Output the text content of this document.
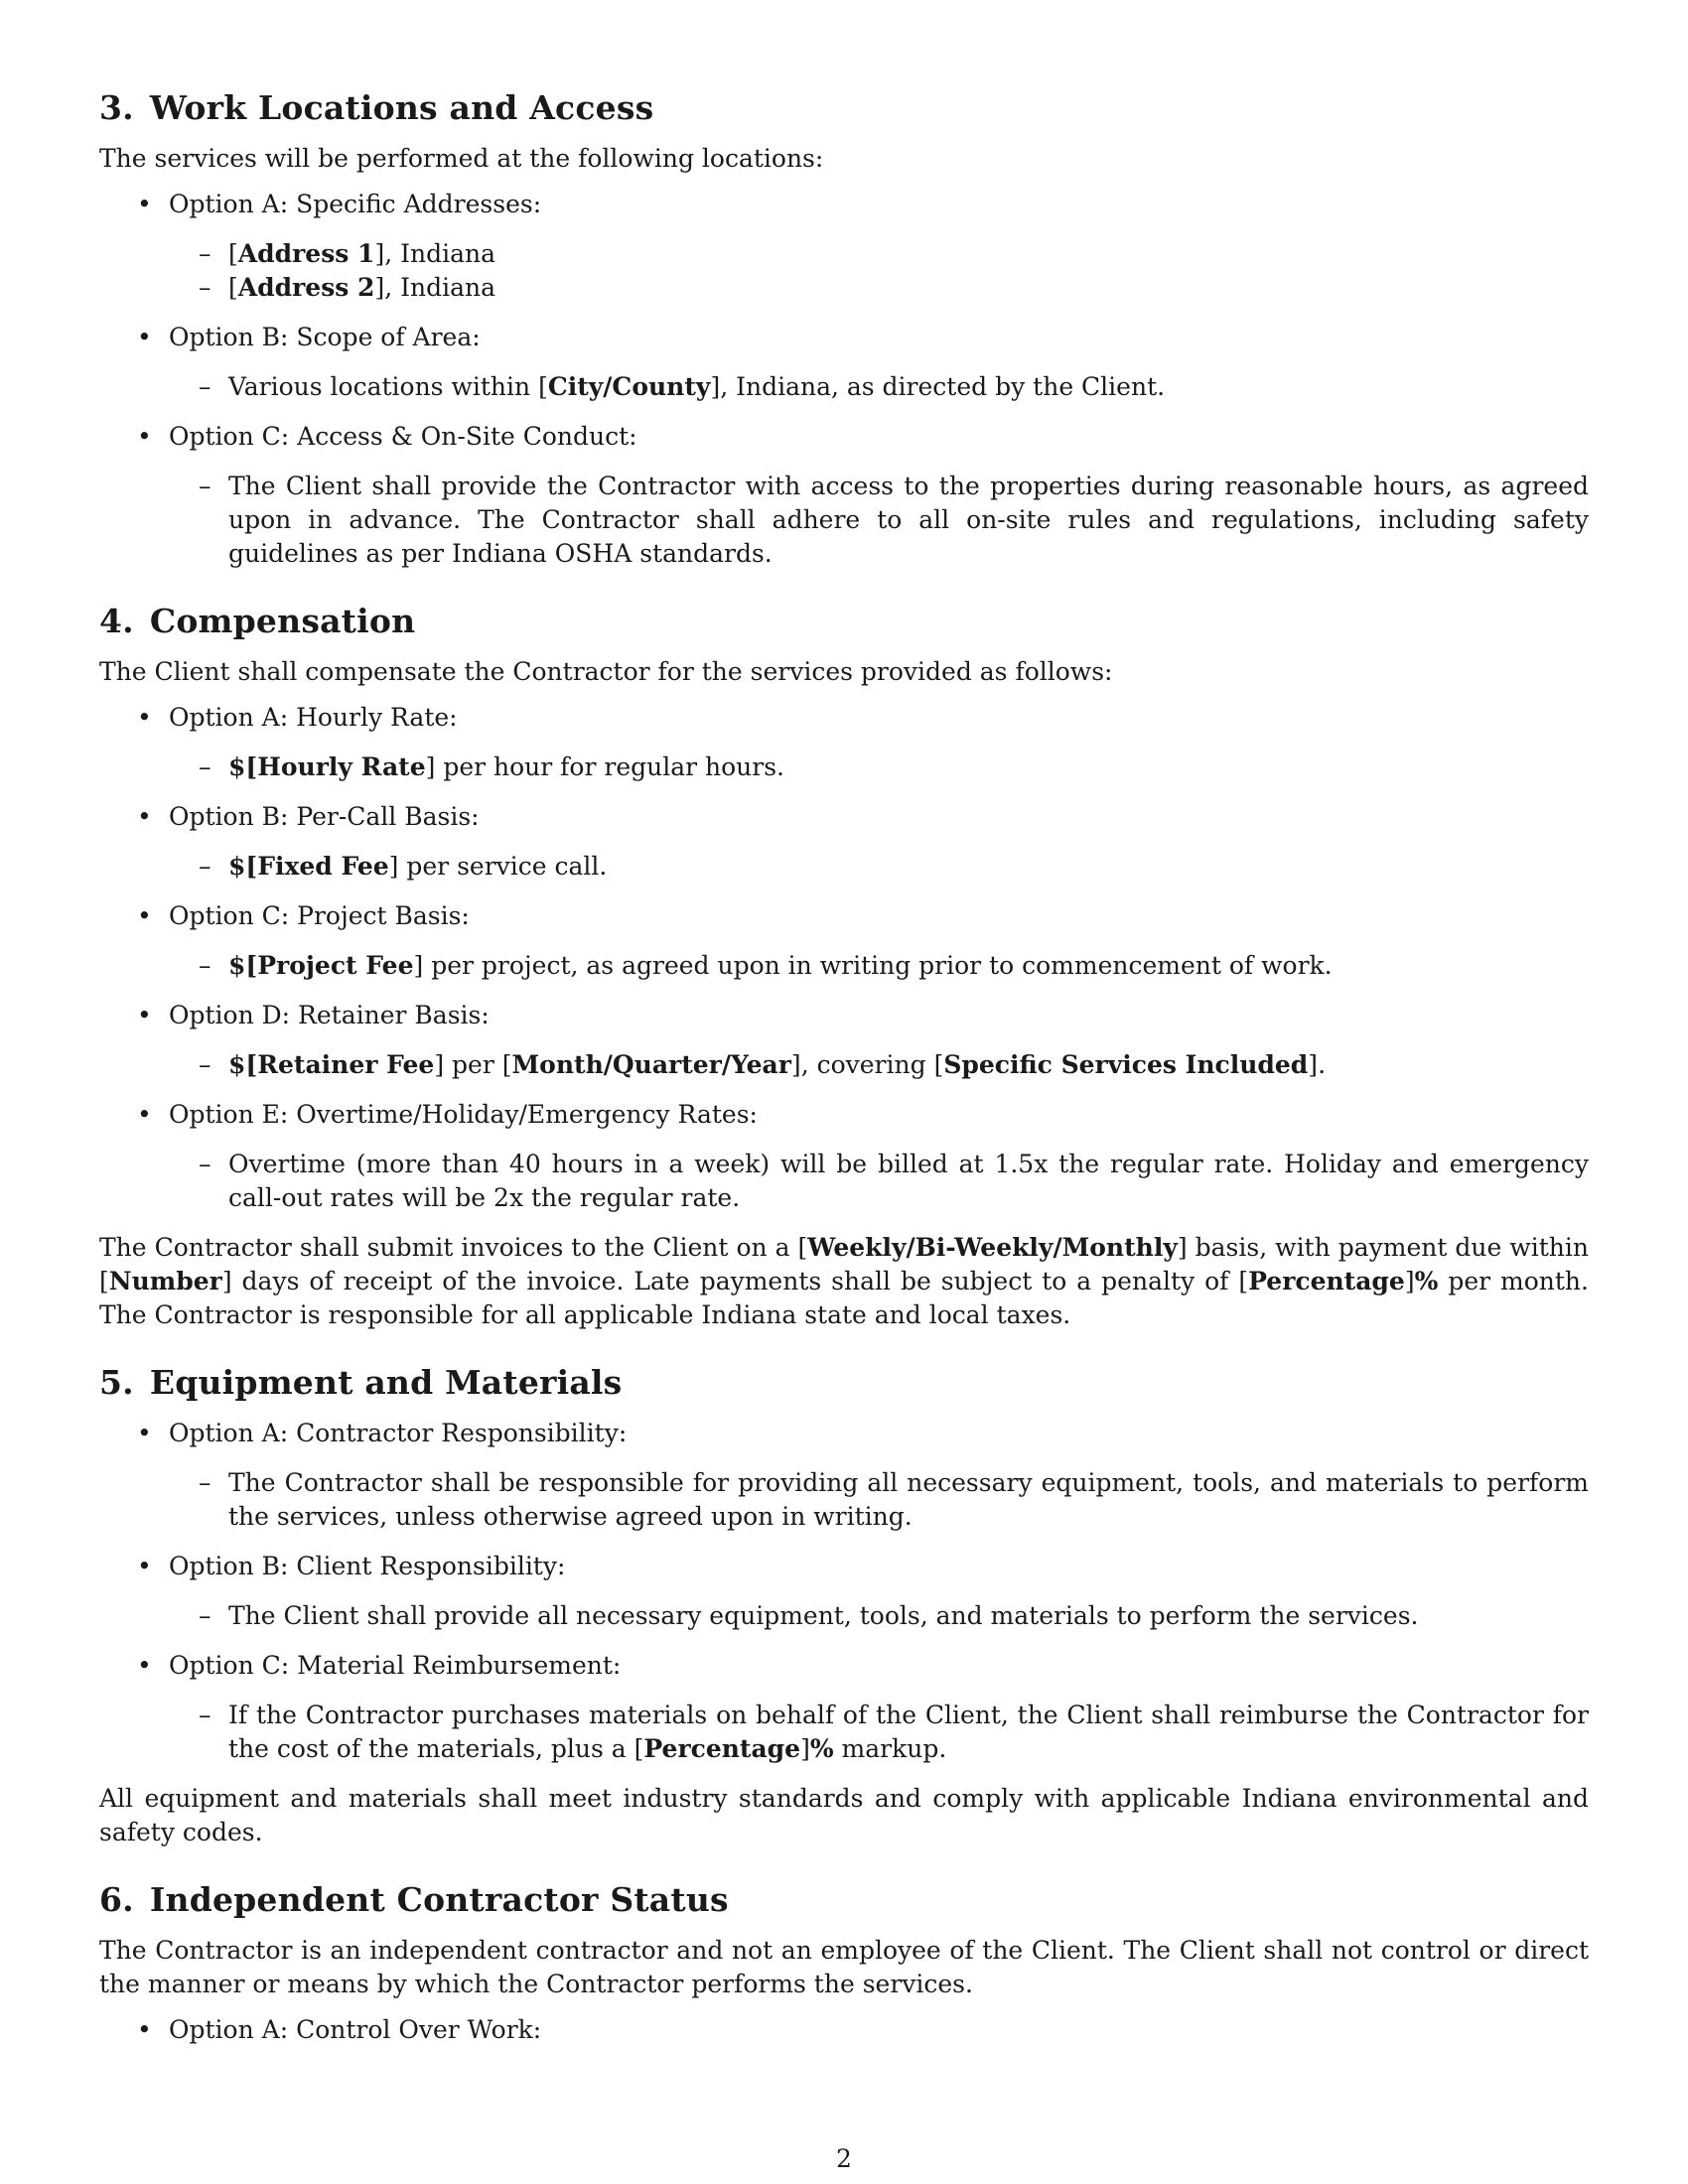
3. Work Locations and Access

The services will be performed at the following locations:

• Option A: Specific Addresses:
– [Address 1], Indiana
– [Address 2], Indiana
• Option B: Scope of Area:
– Various locations within [City/County], Indiana, as directed by the Client.
• Option C: Access & On-Site Conduct:
– The Client shall provide the Contractor with access to the properties during reasonable hours, as agreed upon in advance. The Contractor shall adhere to all on-site rules and regulations, including safety guidelines as per Indiana OSHA standards.
4. Compensation

The Client shall compensate the Contractor for the services provided as follows:

• Option A: Hourly Rate:
– $[Hourly Rate] per hour for regular hours.
• Option B: Per-Call Basis:
– $[Fixed Fee] per service call.
• Option C: Project Basis:
– $[Project Fee] per project, as agreed upon in writing prior to commencement of work.
• Option D: Retainer Basis:
– $[Retainer Fee] per [Month/Quarter/Year], covering [Specific Services Included].
• Option E: Overtime/Holiday/Emergency Rates:
– Overtime (more than 40 hours in a week) will be billed at 1.5x the regular rate. Holiday and emergency call-out rates will be 2x the regular rate.

The Contractor shall submit invoices to the Client on a [Weekly/Bi-Weekly/Monthly] basis, with payment due within [Number] days of receipt of the invoice. Late payments shall be subject to a penalty of [Percentage]% per month. The Contractor is responsible for all applicable Indiana state and local taxes.

5. Equipment and Materials
• Option A: Contractor Responsibility:
– The Contractor shall be responsible for providing all necessary equipment, tools, and materials to perform the services, unless otherwise agreed upon in writing.
• Option B: Client Responsibility:
– The Client shall provide all necessary equipment, tools, and materials to perform the services.
• Option C: Material Reimbursement:
– If the Contractor purchases materials on behalf of the Client, the Client shall reimburse the Contractor for the cost of the materials, plus a [Percentage]% markup.

All equipment and materials shall meet industry standards and comply with applicable Indiana environmental and safety codes.

6. Independent Contractor Status

The Contractor is an independent contractor and not an employee of the Client. The Client shall not control or direct the manner or means by which the Contractor performs the services.

• Option A: Control Over Work:
2
